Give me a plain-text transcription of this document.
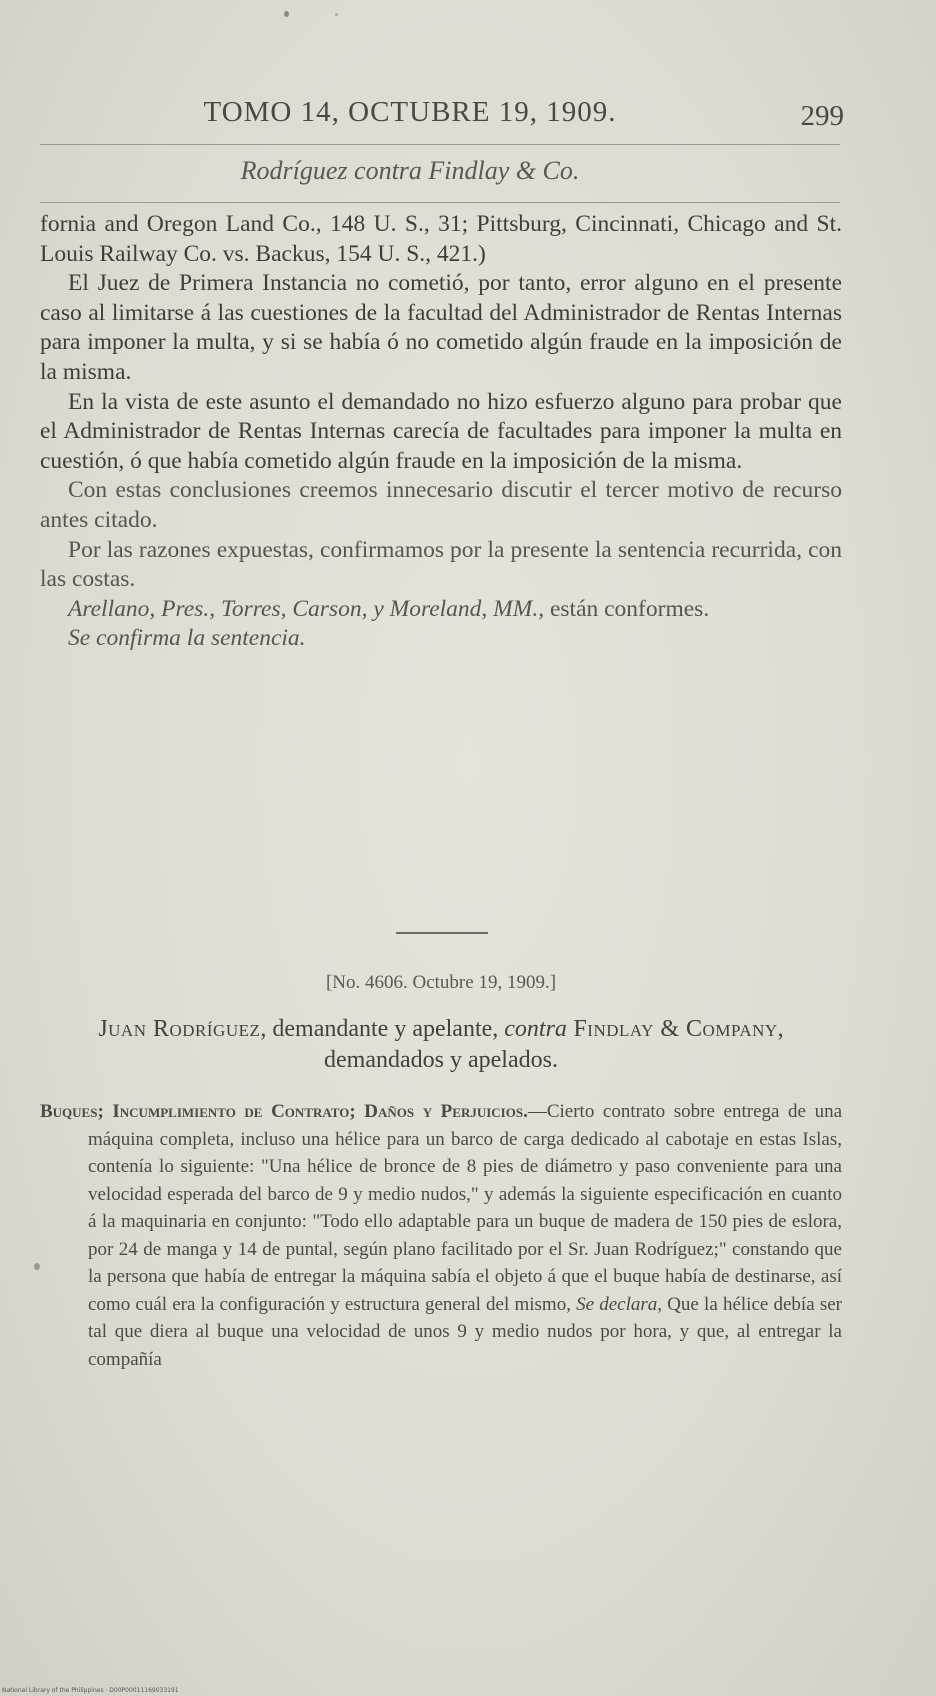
TOMO 14, OCTUBRE 19, 1909.	299
Rodríguez contra Findlay & Co.

fornia and Oregon Land Co., 148 U. S., 31; Pittsburg, Cincinnati, Chicago and St. Louis Railway Co. vs. Backus, 154 U. S., 421.)

El Juez de Primera Instancia no cometió, por tanto, error alguno en el presente caso al limitarse á las cuestiones de la facultad del Administrador de Rentas Internas para imponer la multa, y si se había ó no cometido algún fraude en la imposición de la misma.

En la vista de este asunto el demandado no hizo esfuerzo alguno para probar que el Administrador de Rentas Internas carecía de facultades para imponer la multa en cuestión, ó que había cometido algún fraude en la imposición de la misma.

Con estas conclusiones creemos innecesario discutir el tercer motivo de recurso antes citado.

Por las razones expuestas, confirmamos por la presente la sentencia recurrida, con las costas.

Arellano, Pres., Torres, Carson, y Moreland, MM., están conformes.

Se confirma la sentencia.

[No. 4606. Octubre 19, 1909.]
Juan Rodríguez, demandante y apelante, contra Findlay & Company, demandados y apelados.
Buques; Incumplimiento de Contrato; Daños y Perjuicios.—Cierto contrato sobre entrega de una máquina completa, incluso una hélice para un barco de carga dedicado al cabotaje en estas Islas, contenía lo siguiente: "Una hélice de bronce de 8 pies de diámetro y paso conveniente para una velocidad esperada del barco de 9 y medio nudos," y además la siguiente especificación en cuanto á la maquinaria en conjunto: "Todo ello adaptable para un buque de madera de 150 pies de eslora, por 24 de manga y 14 de puntal, según plano facilitado por el Sr. Juan Rodríguez;" constando que la persona que había de entregar la máquina sabía el objeto á que el buque había de destinarse, así como cuál era la configuración y estructura general del mismo, Se declara, Que la hélice debía ser tal que diera al buque una velocidad de unos 9 y medio nudos por hora, y que, al entregar la compañía
National Library of the Philippines · D00P00011169033191
